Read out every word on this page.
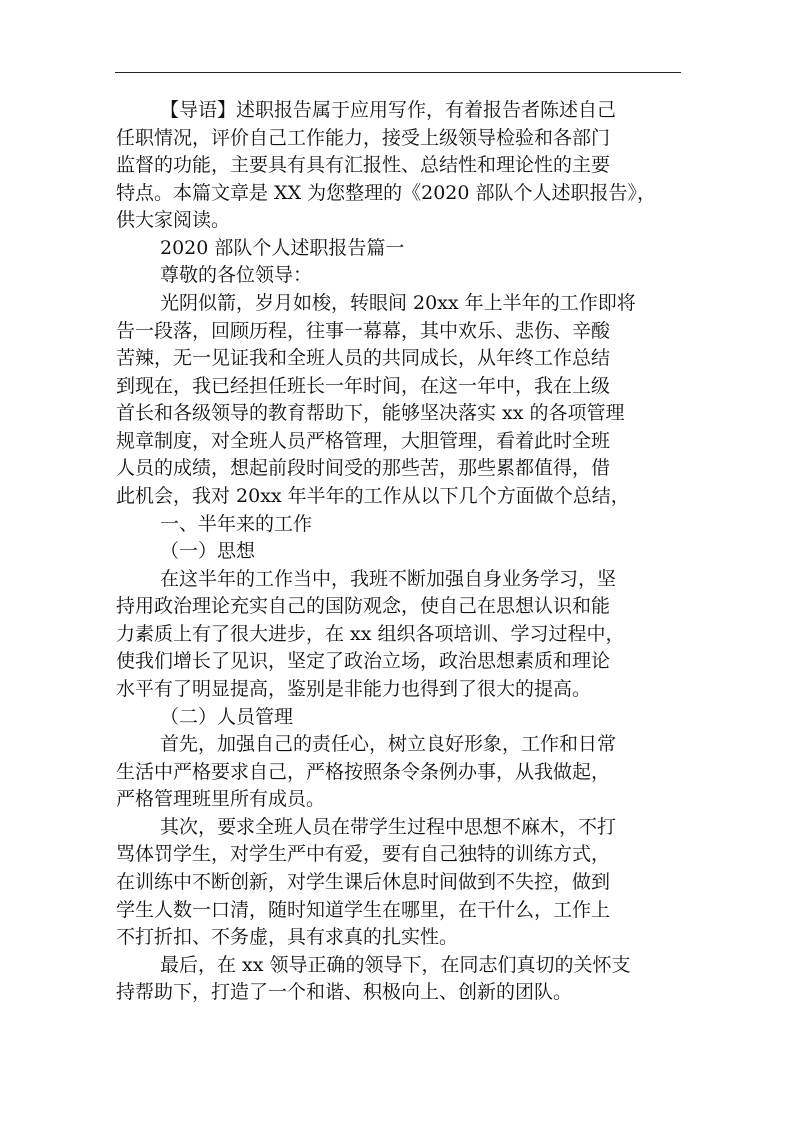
【导语】述职报告属于应用写作，有着报告者陈述自己
任职情况，评价自己工作能力，接受上级领导检验和各部门
监督的功能，主要具有具有汇报性、总结性和理论性的主要
特点。本篇文章是 XX 为您整理的《2020 部队个人述职报告》，
供大家阅读。
2020 部队个人述职报告篇一
尊敬的各位领导：
光阴似箭，岁月如梭，转眼间 20xx 年上半年的工作即将
告一段落，回顾历程，往事一幕幕，其中欢乐、悲伤、辛酸
苦辣，无一见证我和全班人员的共同成长，从年终工作总结
到现在，我已经担任班长一年时间，在这一年中，我在上级
首长和各级领导的教育帮助下，能够坚决落实 xx 的各项管理
规章制度，对全班人员严格管理，大胆管理，看着此时全班
人员的成绩，想起前段时间受的那些苦，那些累都值得，借
此机会，我对 20xx 年半年的工作从以下几个方面做个总结，
一、半年来的工作
（一）思想
在这半年的工作当中，我班不断加强自身业务学习，坚
持用政治理论充实自己的国防观念，使自己在思想认识和能
力素质上有了很大进步，在 xx 组织各项培训、学习过程中，
使我们增长了见识，坚定了政治立场，政治思想素质和理论
水平有了明显提高，鉴别是非能力也得到了很大的提高。
（二）人员管理
首先，加强自己的责任心，树立良好形象，工作和日常
生活中严格要求自己，严格按照条令条例办事，从我做起，
严格管理班里所有成员。
其次，要求全班人员在带学生过程中思想不麻木，不打
骂体罚学生，对学生严中有爱，要有自己独特的训练方式，
在训练中不断创新，对学生课后休息时间做到不失控，做到
学生人数一口清，随时知道学生在哪里，在干什么，工作上
不打折扣、不务虚，具有求真的扎实性。
最后，在 xx 领导正确的领导下，在同志们真切的关怀支
持帮助下，打造了一个和谐、积极向上、创新的团队。
